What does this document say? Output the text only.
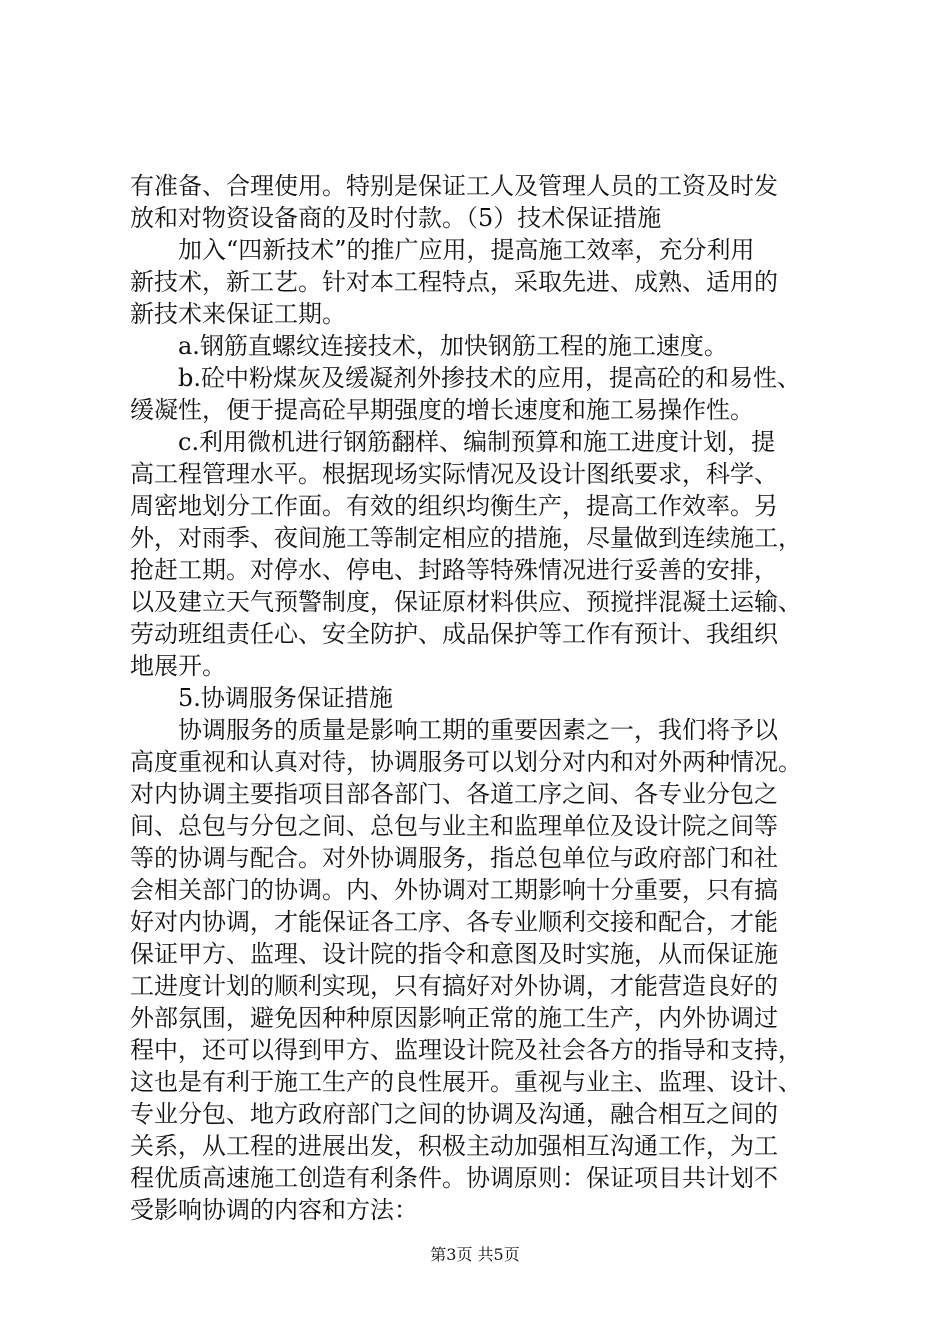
有准备、合理使用。特别是保证工人及管理人员的工资及时发
放和对物资设备商的及时付款。（5）技术保证措施
加入“四新技术”的推广应用，提高施工效率，充分利用
新技术，新工艺。针对本工程特点，采取先进、成熟、适用的
新技术来保证工期。
a.钢筋直螺纹连接技术，加快钢筋工程的施工速度。
b.砼中粉煤灰及缓凝剂外掺技术的应用，提高砼的和易性、
缓凝性，便于提高砼早期强度的增长速度和施工易操作性。
c.利用微机进行钢筋翻样、编制预算和施工进度计划，提
高工程管理水平。根据现场实际情况及设计图纸要求，科学、
周密地划分工作面。有效的组织均衡生产，提高工作效率。另
外，对雨季、夜间施工等制定相应的措施，尽量做到连续施工，
抢赶工期。对停水、停电、封路等特殊情况进行妥善的安排，
以及建立天气预警制度，保证原材料供应、预搅拌混凝土运输、
劳动班组责任心、安全防护、成品保护等工作有预计、我组织
地展开。
5.协调服务保证措施
协调服务的质量是影响工期的重要因素之一，我们将予以
高度重视和认真对待，协调服务可以划分对内和对外两种情况。
对内协调主要指项目部各部门、各道工序之间、各专业分包之
间、总包与分包之间、总包与业主和监理单位及设计院之间等
等的协调与配合。对外协调服务，指总包单位与政府部门和社
会相关部门的协调。内、外协调对工期影响十分重要，只有搞
好对内协调，才能保证各工序、各专业顺利交接和配合，才能
保证甲方、监理、设计院的指令和意图及时实施，从而保证施
工进度计划的顺利实现，只有搞好对外协调，才能营造良好的
外部氛围，避免因种种原因影响正常的施工生产，内外协调过
程中，还可以得到甲方、监理设计院及社会各方的指导和支持，
这也是有利于施工生产的良性展开。重视与业主、监理、设计、
专业分包、地方政府部门之间的协调及沟通，融合相互之间的
关系，从工程的进展出发，积极主动加强相互沟通工作，为工
程优质高速施工创造有利条件。协调原则：保证项目共计划不
受影响协调的内容和方法：
第3页 共5页
